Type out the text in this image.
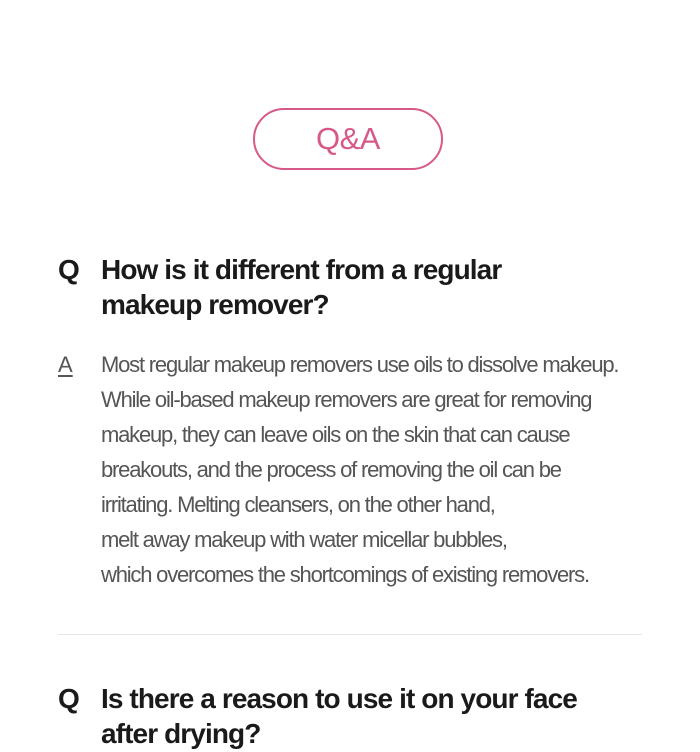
Q&A
Q How is it different from a regular
makeup remover?
A	Most regular makeup removers use oils to dissolve makeup.
While oil-based makeup removers are great for removing
makeup, they can leave oils on the skin that can cause
breakouts, and the process of removing the oil can be
irritating. Melting cleansers, on the other hand,
melt away makeup with water micellar bubbles,
which overcomes the shortcomings of existing removers.
Q Is there a reason to use it on your face
after drying?
